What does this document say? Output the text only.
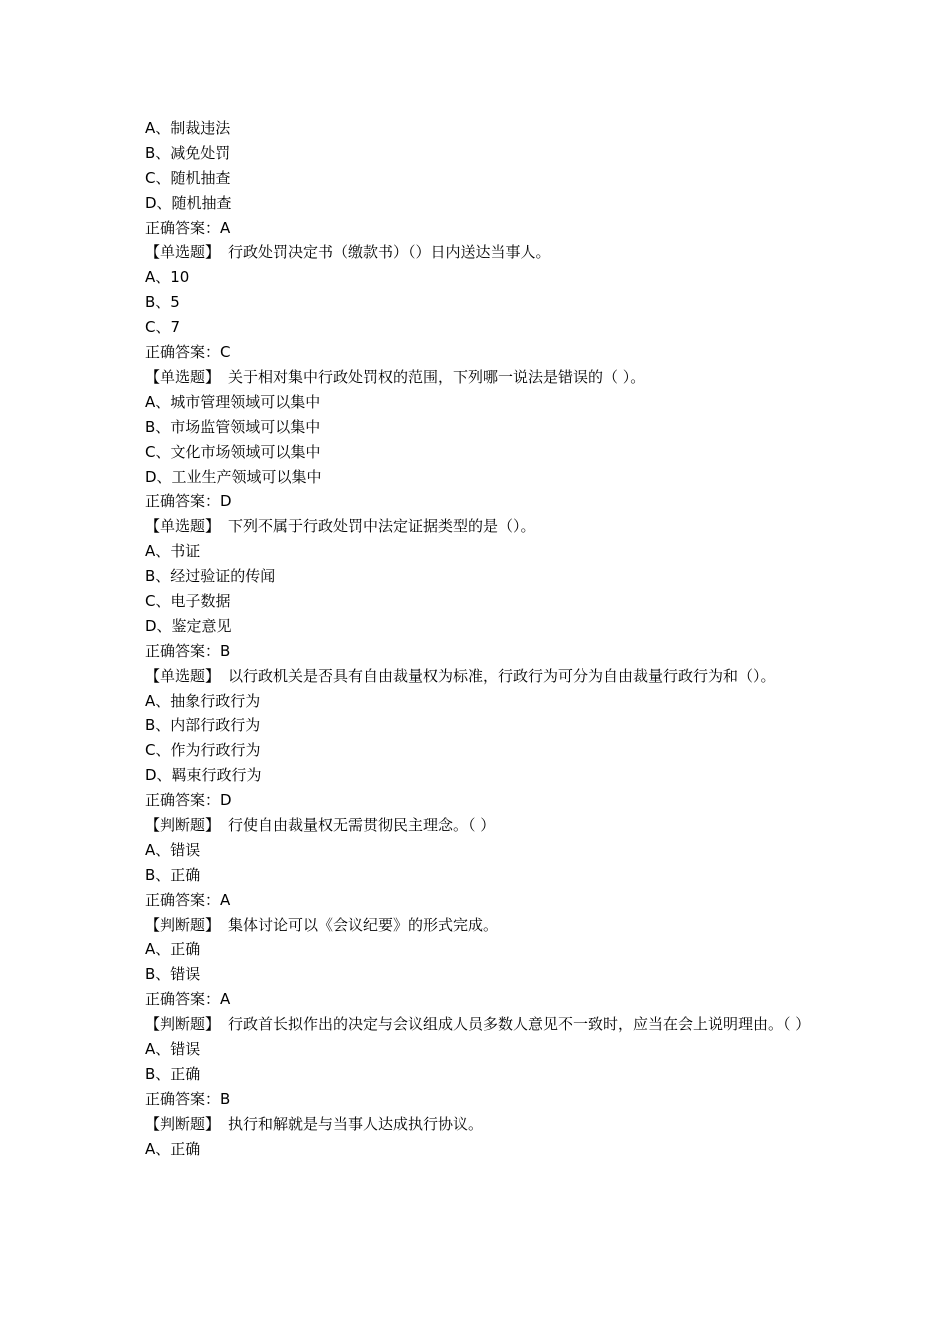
A、制裁违法
B、减免处罚
C、随机抽查
D、随机抽查
正确答案：A
【单选题】 行政处罚决定书（缴款书）（）日内送达当事人。
A、10
B、5
C、7
正确答案：C
【单选题】 关于相对集中行政处罚权的范围，下列哪一说法是错误的（ ）。
A、城市管理领域可以集中
B、市场监管领域可以集中
C、文化市场领域可以集中
D、工业生产领域可以集中
正确答案：D
【单选题】 下列不属于行政处罚中法定证据类型的是（）。
A、书证
B、经过验证的传闻
C、电子数据
D、鉴定意见
正确答案：B
【单选题】 以行政机关是否具有自由裁量权为标准，行政行为可分为自由裁量行政行为和（）。
A、抽象行政行为
B、内部行政行为
C、作为行政行为
D、羁束行政行为
正确答案：D
【判断题】 行使自由裁量权无需贯彻民主理念。（ ）
A、错误
B、正确
正确答案：A
【判断题】 集体讨论可以《会议纪要》的形式完成。
A、正确
B、错误
正确答案：A
【判断题】 行政首长拟作出的决定与会议组成人员多数人意见不一致时，应当在会上说明理由。（ ）
A、错误
B、正确
正确答案：B
【判断题】 执行和解就是与当事人达成执行协议。
A、正确
